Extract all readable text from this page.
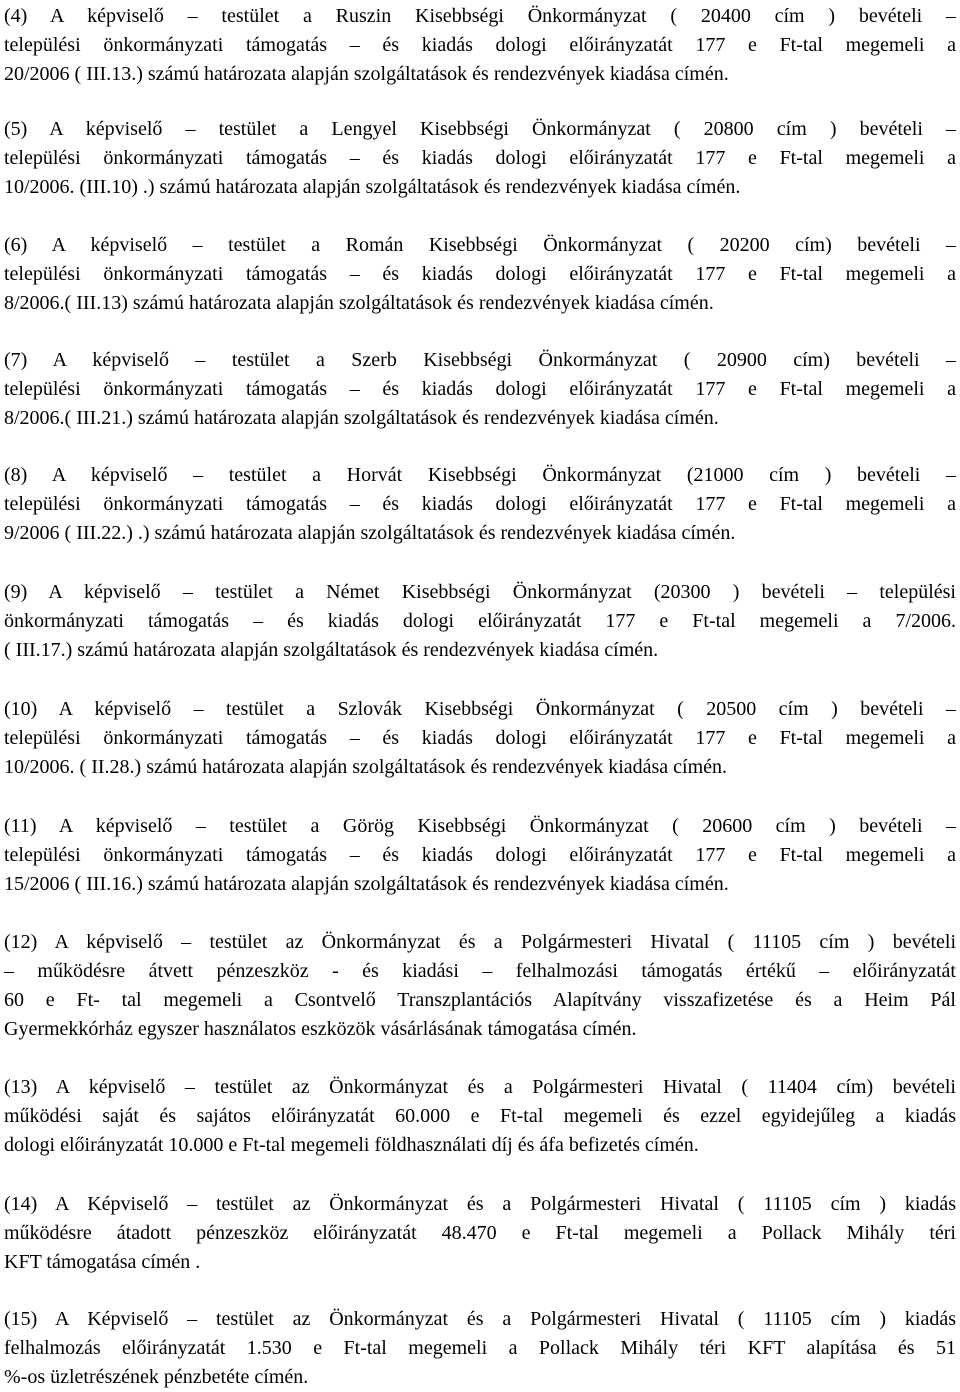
(4) A képviselő – testület a Ruszin Kisebbségi Önkormányzat ( 20400 cím ) bevételi –
települési önkormányzati támogatás – és kiadás dologi előirányzatát 177 e Ft-tal megemeli a
20/2006 ( III.13.) számú határozata alapján szolgáltatások és rendezvények kiadása címén.
(5) A képviselő – testület a Lengyel Kisebbségi Önkormányzat ( 20800 cím ) bevételi –
települési önkormányzati támogatás – és kiadás dologi előirányzatát 177 e Ft-tal megemeli a
10/2006. (III.10) .) számú határozata alapján szolgáltatások és rendezvények kiadása címén.
(6) A képviselő – testület a Román Kisebbségi Önkormányzat ( 20200 cím) bevételi –
települési önkormányzati támogatás – és kiadás dologi előirányzatát 177 e Ft-tal megemeli a
8/2006.( III.13) számú határozata alapján szolgáltatások és rendezvények kiadása címén.
(7) A képviselő – testület a Szerb Kisebbségi Önkormányzat ( 20900 cím) bevételi –
települési önkormányzati támogatás – és kiadás dologi előirányzatát 177 e Ft-tal megemeli a
8/2006.( III.21.) számú határozata alapján szolgáltatások és rendezvények kiadása címén.
(8) A képviselő – testület a Horvát Kisebbségi Önkormányzat (21000 cím ) bevételi –
települési önkormányzati támogatás – és kiadás dologi előirányzatát 177 e Ft-tal megemeli a
9/2006 ( III.22.) .) számú határozata alapján szolgáltatások és rendezvények kiadása címén.
(9) A képviselő – testület a Német Kisebbségi Önkormányzat (20300 ) bevételi – települési
önkormányzati támogatás – és kiadás dologi előirányzatát 177 e Ft-tal megemeli a 7/2006.
( III.17.) számú határozata alapján szolgáltatások és rendezvények kiadása címén.
(10) A képviselő – testület a Szlovák Kisebbségi Önkormányzat ( 20500 cím ) bevételi –
települési önkormányzati támogatás – és kiadás dologi előirányzatát 177 e Ft-tal megemeli a
10/2006. ( II.28.) számú határozata alapján szolgáltatások és rendezvények kiadása címén.
(11) A képviselő – testület a Görög Kisebbségi Önkormányzat ( 20600 cím ) bevételi –
települési önkormányzati támogatás – és kiadás dologi előirányzatát 177 e Ft-tal megemeli a
15/2006 ( III.16.) számú határozata alapján szolgáltatások és rendezvények kiadása címén.
(12) A képviselő – testület az Önkormányzat és a Polgármesteri Hivatal ( 11105 cím ) bevételi
– működésre átvett pénzeszköz - és kiadási – felhalmozási támogatás értékű – előirányzatát
60 e Ft- tal megemeli a Csontvelő Transzplantációs Alapítvány visszafizetése és a Heim Pál
Gyermekkórház egyszer használatos eszközök vásárlásának támogatása címén.
(13) A képviselő – testület az Önkormányzat és a Polgármesteri Hivatal ( 11404 cím) bevételi
működési saját és sajátos előirányzatát 60.000 e Ft-tal megemeli és ezzel egyidejűleg a kiadás
dologi előirányzatát 10.000 e Ft-tal megemeli földhasználati díj és áfa befizetés címén.
(14) A Képviselő – testület az Önkormányzat és a Polgármesteri Hivatal ( 11105 cím ) kiadás
működésre átadott pénzeszköz előirányzatát 48.470 e Ft-tal megemeli a Pollack Mihály téri
KFT támogatása címén .
(15) A Képviselő – testület az Önkormányzat és a Polgármesteri Hivatal ( 11105 cím ) kiadás
felhalmozás előirányzatát 1.530 e Ft-tal megemeli a Pollack Mihály téri KFT alapítása és 51
%-os üzletrészének pénzbetéte címén.
